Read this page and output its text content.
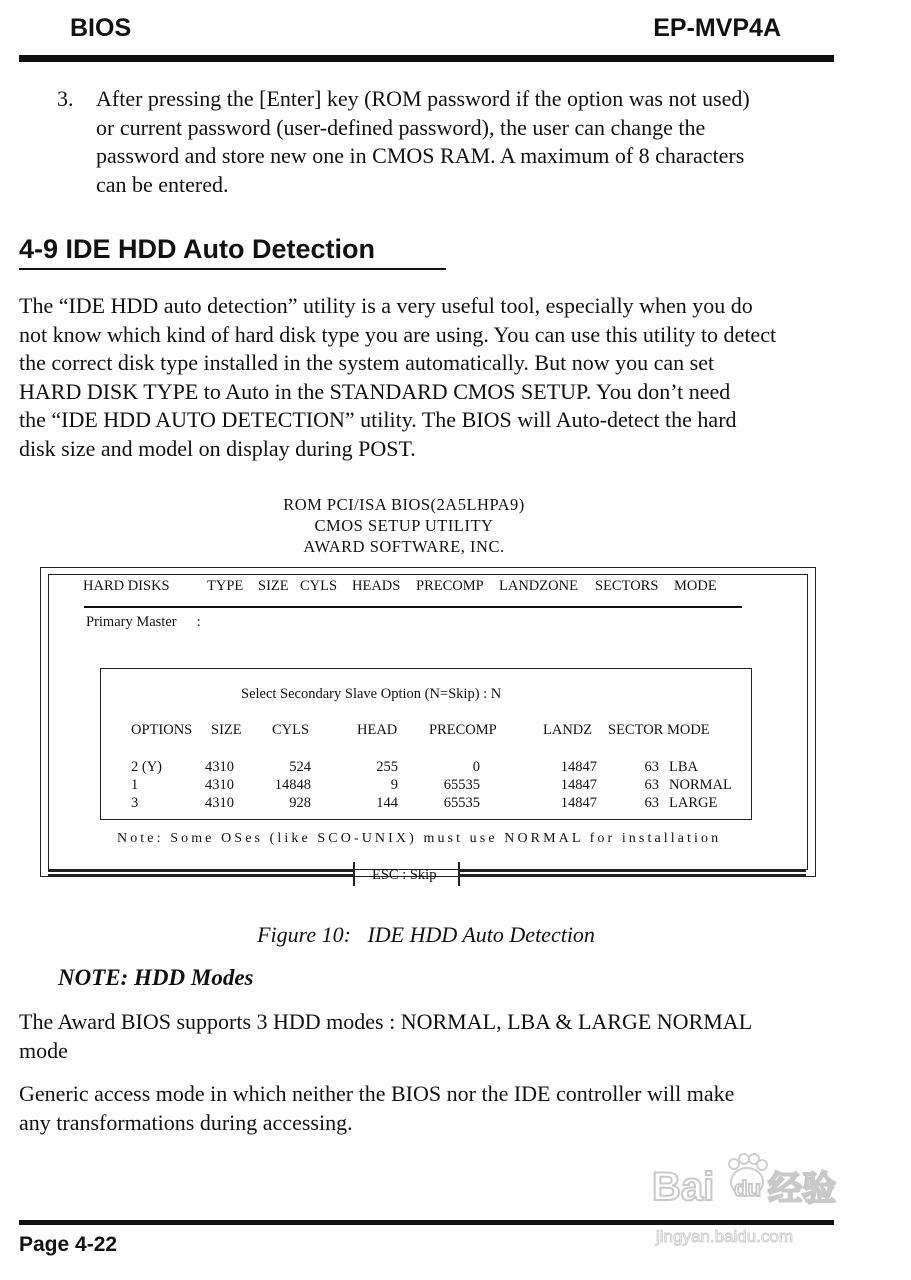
BIOS	EP-MVP4A
3. After pressing the [Enter] key (ROM password if the option was not used)
or current password (user-defined password), the user can change the
password and store new one in CMOS RAM. A maximum of 8 characters
can be entered.
4-9 IDE HDD Auto Detection
The “IDE HDD auto detection” utility is a very useful tool, especially when you do
not know which kind of hard disk type you are using. You can use this utility to detect
the correct disk type installed in the system automatically. But now you can set
HARD DISK TYPE to Auto in the STANDARD CMOS SETUP. You don’t need
the “IDE HDD AUTO DETECTION” utility. The BIOS will Auto-detect the hard
disk size and model on display during POST.
ROM PCI/ISA BIOS(2A5LHPA9)
CMOS SETUP UTILITY
AWARD SOFTWARE, INC.
HARD DISKS	TYPE SIZE CYLS HEADS PRECOMP LANDZONE SECTORS MODE
Primary Master :
Select Secondary Slave Option (N=Skip) : N
OPTIONS SIZE CYLS	HEAD PRECOMP	LANDZ SECTOR MODE
2 (Y)	4310	524	255	0	14847	63 LBA
1	4310	14848	9	65535	14847	63 NORMAL
3	4310	928	144	65535	14847	63 LARGE
Note: Some OSes (like SCO-UNIX) must use NORMAL for installation
ESC : Skip
Figure 10:   IDE HDD Auto Detection
NOTE: HDD Modes
The Award BIOS supports 3 HDD modes : NORMAL, LBA & LARGE NORMAL
mode
Generic access mode in which neither the BIOS nor the IDE controller will make
any transformations during accessing.
Bai du 经验
jingyan.baidu.com
Page 4-22
